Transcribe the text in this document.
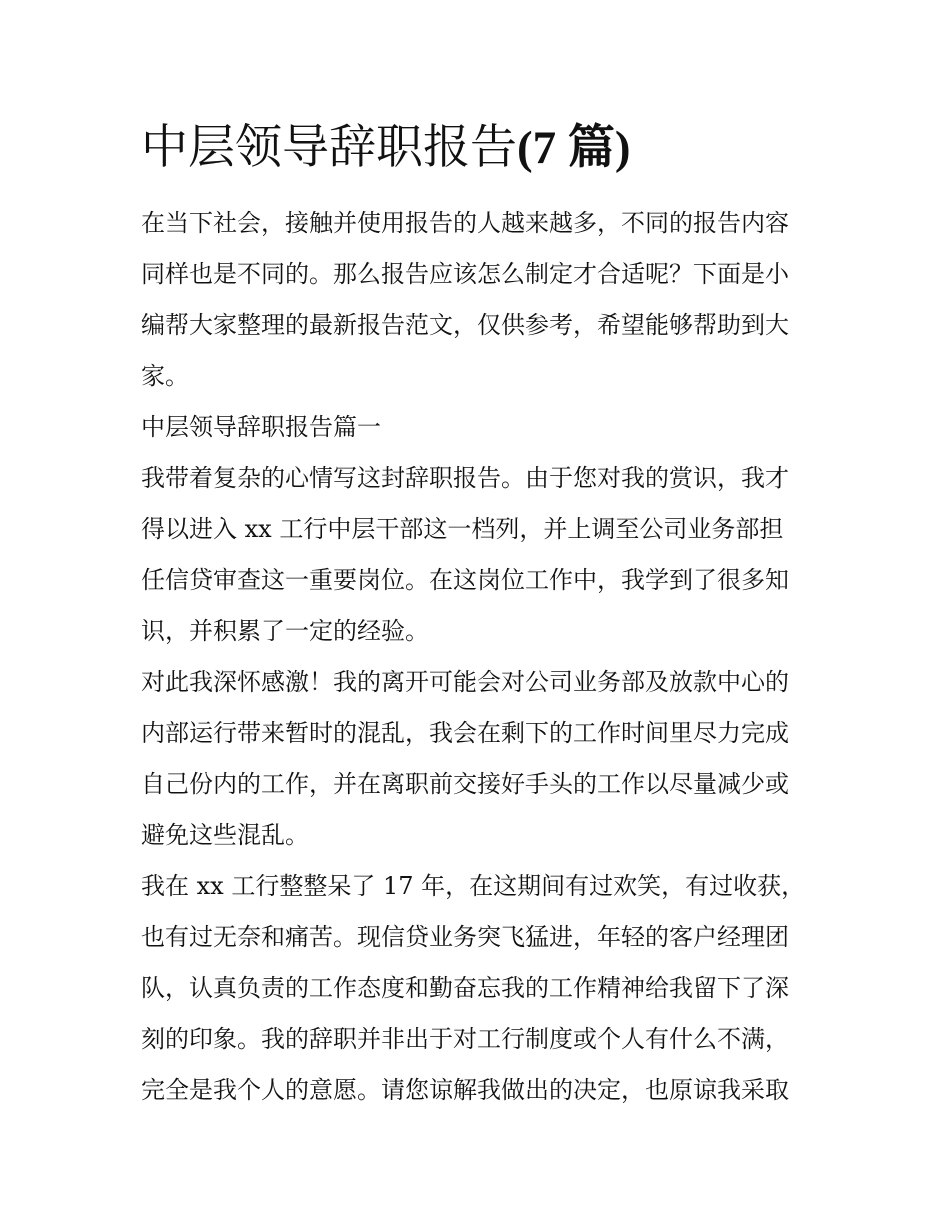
中层领导辞职报告(7 篇)
在当下社会，接触并使用报告的人越来越多，不同的报告内容
同样也是不同的。那么报告应该怎么制定才合适呢？下面是小
编帮大家整理的最新报告范文，仅供参考，希望能够帮助到大
家。
中层领导辞职报告篇一
我带着复杂的心情写这封辞职报告。由于您对我的赏识，我才
得以进入 xx 工行中层干部这一档列，并上调至公司业务部担
任信贷审查这一重要岗位。在这岗位工作中，我学到了很多知
识，并积累了一定的经验。
对此我深怀感激！我的离开可能会对公司业务部及放款中心的
内部运行带来暂时的混乱，我会在剩下的工作时间里尽力完成
自己份内的工作，并在离职前交接好手头的工作以尽量减少或
避免这些混乱。
我在 xx 工行整整呆了 17 年，在这期间有过欢笑，有过收获，
也有过无奈和痛苦。现信贷业务突飞猛进，年轻的客户经理团
队，认真负责的工作态度和勤奋忘我的工作精神给我留下了深
刻的印象。我的辞职并非出于对工行制度或个人有什么不满，
完全是我个人的意愿。请您谅解我做出的决定，也原谅我采取
